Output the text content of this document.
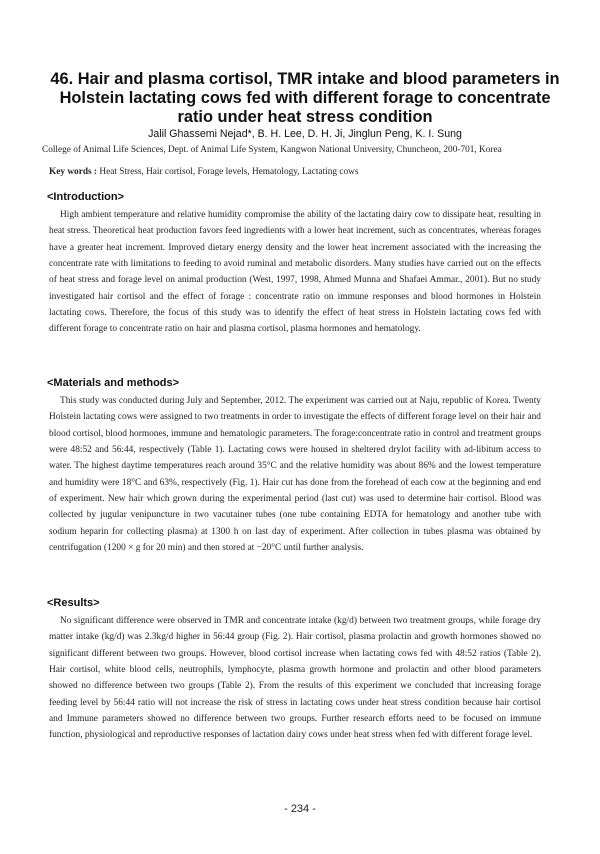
46. Hair and plasma cortisol, TMR intake and blood parameters in Holstein lactating cows fed with different forage to concentrate ratio under heat stress condition
Jalil Ghassemi Nejad*, B. H. Lee, D. H. Ji, Jinglun Peng, K. I. Sung
College of Animal Life Sciences, Dept. of Animal Life System, Kangwon National University, Chuncheon, 200-701, Korea
Key words : Heat Stress, Hair cortisol, Forage levels, Hematology, Lactating cows
<Introduction>

High ambient temperature and relative humidity compromise the ability of the lactating dairy cow to dissipate heat, resulting in heat stress. Theoretical heat production favors feed ingredients with a lower heat increment, such as concentrates, whereas forages have a greater heat increment. Improved dietary energy density and the lower heat increment associated with the increasing the concentrate rate with limitations to feeding to avoid ruminal and metabolic disorders. Many studies have carried out on the effects of heat stress and forage level on animal production (West, 1997, 1998, Ahmed Munna and Shafaei Ammar., 2001). But no study investigated hair cortisol and the effect of forage : concentrate ratio on immune responses and blood hormones in Holstein lactating cows. Therefore, the focus of this study was to identify the effect of heat stress in Holstein lactating cows fed with different forage to concentrate ratio on hair and plasma cortisol, plasma hormones and hematology.

<Materials and methods>

This study was conducted during July and September, 2012. The experiment was carried out at Naju, republic of Korea. Twenty Holstein lactating cows were assigned to two treatments in order to investigate the effects of different forage level on their hair and blood cortisol, blood hormones, immune and hematologic parameters. The forage:concentrate ratio in control and treatment groups were 48:52 and 56:44, respectively (Table 1). Lactating cows were housed in sheltered drylot facility with ad-libitum access to water. The highest daytime temperatures reach around 35°C and the relative humidity was about 86% and the lowest temperature and humidity were 18°C and 63%, respectively (Fig. 1). Hair cut has done from the forehead of each cow at the beginning and end of experiment. New hair which grown during the experimental period (last cut) was used to determine hair cortisol. Blood was collected by jugular venipuncture in two vacutainer tubes (one tube containing EDTA for hematology and another tube with sodium heparin for collecting plasma) at 1300 h on last day of experiment. After collection in tubes plasma was obtained by centrifugation (1200 × g for 20 min) and then stored at −20°C until further analysis.

<Results>

No significant difference were observed in TMR and concentrate intake (kg/d) between two treatment groups, while forage dry matter intake (kg/d) was 2.3kg/d higher in 56:44 group (Fig. 2). Hair cortisol, plasma prolactin and growth hormones showed no significant different between two groups. However, blood cortisol increase when lactating cows fed with 48:52 ratios (Table 2). Hair cortisol, white blood cells, neutrophils, lymphocyte, plasma growth hormone and prolactin and other blood parameters showed no difference between two groups (Table 2). From the results of this experiment we concluded that increasing forage feeding level by 56:44 ratio will not increase the risk of stress in lactating cows under heat stress condition because hair cortisol and Immune parameters showed no difference between two groups. Further research efforts need to be focused on immune function, physiological and reproductive responses of lactation dairy cows under heat stress when fed with different forage level.

- 234 -
